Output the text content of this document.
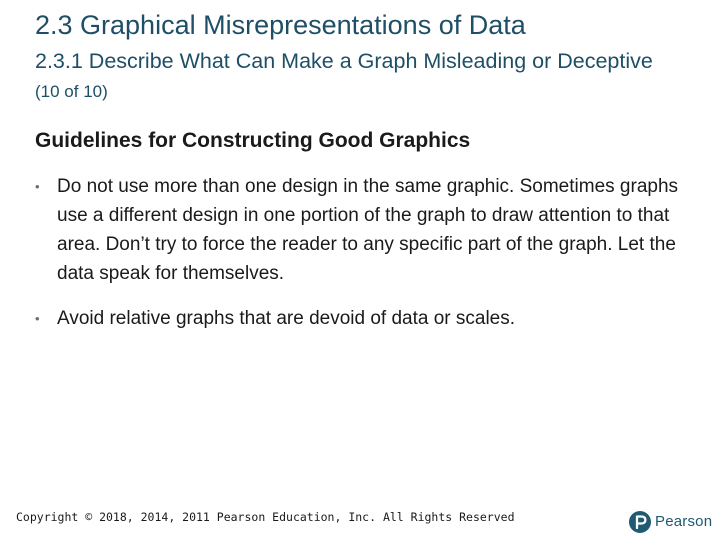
2.3 Graphical Misrepresentations of Data
2.3.1 Describe What Can Make a Graph Misleading or Deceptive (10 of 10)
Guidelines for Constructing Good Graphics
• Do not use more than one design in the same graphic. Sometimes graphs use a different design in one portion of the graph to draw attention to that area. Don’t try to force the reader to any specific part of the graph. Let the data speak for themselves.
• Avoid relative graphs that are devoid of data or scales.
Copyright © 2018, 2014, 2011 Pearson Education, Inc. All Rights Reserved	Pearson
